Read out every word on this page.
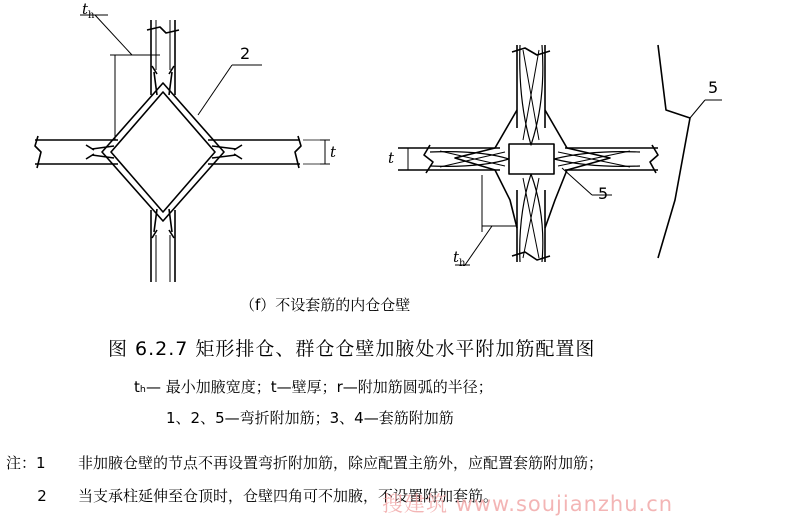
$t_h$
2
t	t
$t_h$
5
5
（f）不设套筋的内仓仓壁
图 6.2.7 矩形排仓、群仓仓壁加腋处水平附加筋配置图
tₕ— 最小加腋宽度；t—壁厚；r—附加筋圆弧的半径；
1、2、5—弯折附加筋；3、4—套筋附加筋
注：1 非加腋仓壁的节点不再设置弯折附加筋，除应配置主筋外，应配置套筋附加筋；
2 当支承柱延伸至仓顶时，仓壁四角可不加腋，不设置附加套筋。
搜建筑 www.soujianzhu.cn
